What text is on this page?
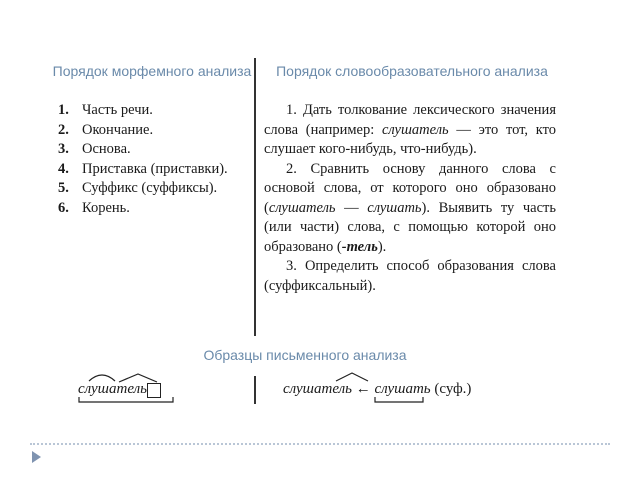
Порядок морфемного анализа	Порядок словообразовательного анализа
1. Часть речи.
2. Окончание.
3. Основа.
4. Приставка (приставки).
5. Суффикс (суффиксы).
6. Корень.

1. Дать толкование лексического значения слова (например: слушатель — это тот, кто слушает кого-нибудь, что-нибудь).

2. Сравнить основу данного слова с основой слова, от которого оно образовано (слушатель — слушать). Выявить ту часть (или части) слова, с помощью которой оно образовано (-тель).

3. Определить способ образования слова (суффиксальный).

Образцы письменного анализа
слушатель	слушатель
← слушать
(суф.)
